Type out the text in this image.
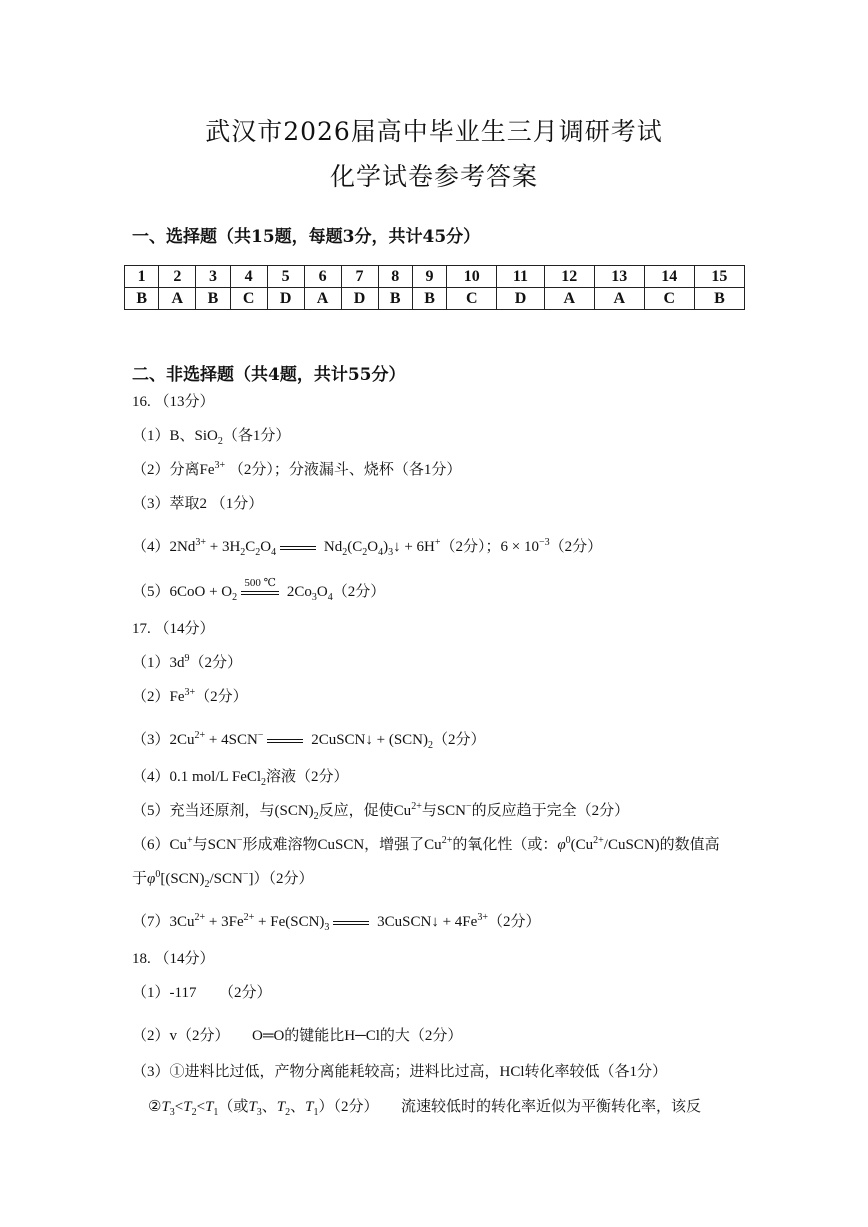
武汉市2026届高中毕业生三月调研考试
化学试卷参考答案
一、选择题（共15题，每题3分，共计45分）
1	2	3	4	5	6	7	8	9	10	11	12	13	14	15
B	A	B	C	D	A	D	B	B	C	D	A	A	C	B
二、非选择题（共4题，共计55分）
16. （13分）
（1）B、SiO$_2$（各1分）
（2）分离$Fe^{3+}$ （2分）；分液漏斗、烧杯（各1分）
（3）萃取2 （1分）
$(4)2Nd^{3+} + 3H_2C_2O_4$	$Nd_2(C_2O_4)_3↓ + 6H^+(2$分）；$6 \times 10^{-3}(2$分）
$(5)6CoO + O_2$
500 ℃
$2Co_3O_4(2$分）
17. （14分）
$(1)3d^9(2$分）
$(2)Fe^{3+}(2$分）
$(3)2Cu^{2+} + 4SCN^-$	2CuSCN↓ + $(SCN)_2(2$分）
（4）0.1 mol/L FeCl$_2$溶液（2分）
（5）充当还原剂，与$(SCN)_2$反应，促使$Cu^{2+}$与SCN−的反应趋于完全（2分）
（6）Cu+与SCN−形成难溶物CuSCN，增强了$Cu^{2+}$的氧化性（或：$\varphi^0(Cu^{2+}/CuSCN)$的数值高
于$\varphi^0[(SCN)_2/SCN^-])(2$分）
$(7)3Cu^{2+} + 3Fe^{2+} + Fe(SCN)_3$	3CuSCN↓ + $4Fe^{3+}(2$分）
18. （14分）
（1）-117　　（2分）
（2）v（2分）　　O═O的键能比H─Cl的大（2分）
（3）①进料比过低，产物分离能耗较高；进料比过高，HCl转化率较低（各1分）
$②T_3<T_2<T_1$（或$T_3$、$T_2$、$T_1)(2$分）　　流速较低时的转化率近似为平衡转化率，该反
